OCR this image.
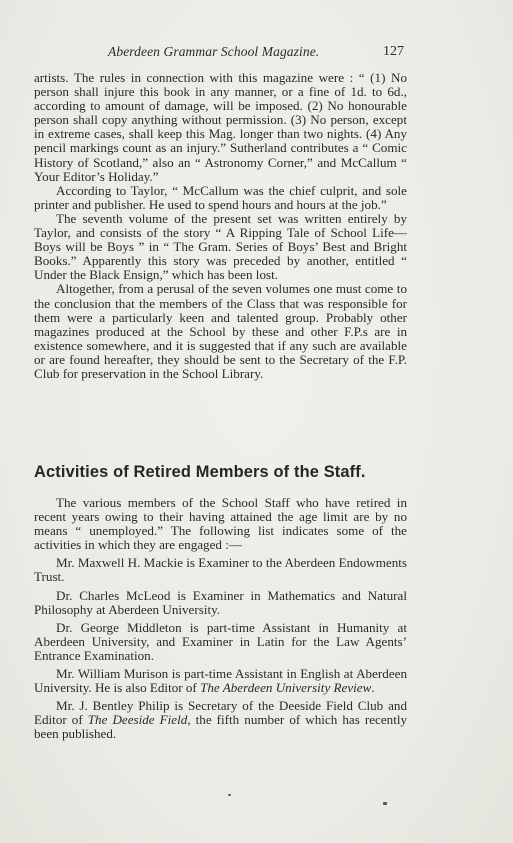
Aberdeen Grammar School Magazine.	127

artists. The rules in connection with this magazine were : “ (1) No person shall injure this book in any manner, or a fine of 1d. to 6d., according to amount of damage, will be imposed. (2) No honourable person shall copy anything without permission. (3) No person, except in extreme cases, shall keep this Mag. longer than two nights. (4) Any pencil markings count as an injury.” Sutherland contributes a “ Comic History of Scotland,” also an “ Astronomy Corner,” and McCallum “ Your Editor’s Holiday.”

According to Taylor, “ McCallum was the chief culprit, and sole printer and publisher. He used to spend hours and hours at the job.”

The seventh volume of the present set was written entirely by Taylor, and consists of the story “ A Ripping Tale of School Life—Boys will be Boys ” in “ The Gram. Series of Boys’ Best and Bright Books.” Apparently this story was preceded by another, entitled “ Under the Black Ensign,” which has been lost.

Altogether, from a perusal of the seven volumes one must come to the conclusion that the members of the Class that was responsible for them were a particularly keen and talented group. Probably other magazines produced at the School by these and other F.P.s are in existence somewhere, and it is suggested that if any such are available or are found hereafter, they should be sent to the Secretary of the F.P. Club for preservation in the School Library.

Activities of Retired Members of the Staff.

The various members of the School Staff who have retired in recent years owing to their having attained the age limit are by no means “ unemployed.” The following list indicates some of the activities in which they are engaged :—

Mr. Maxwell H. Mackie is Examiner to the Aberdeen Endowments Trust.

Dr. Charles McLeod is Examiner in Mathematics and Natural Philosophy at Aberdeen University.

Dr. George Middleton is part-time Assistant in Humanity at Aberdeen University, and Examiner in Latin for the Law Agents’ Entrance Examination.

Mr. William Murison is part-time Assistant in English at Aberdeen University. He is also Editor of The Aberdeen University Review.

Mr. J. Bentley Philip is Secretary of the Deeside Field Club and Editor of The Deeside Field, the fifth number of which has recently been published.
